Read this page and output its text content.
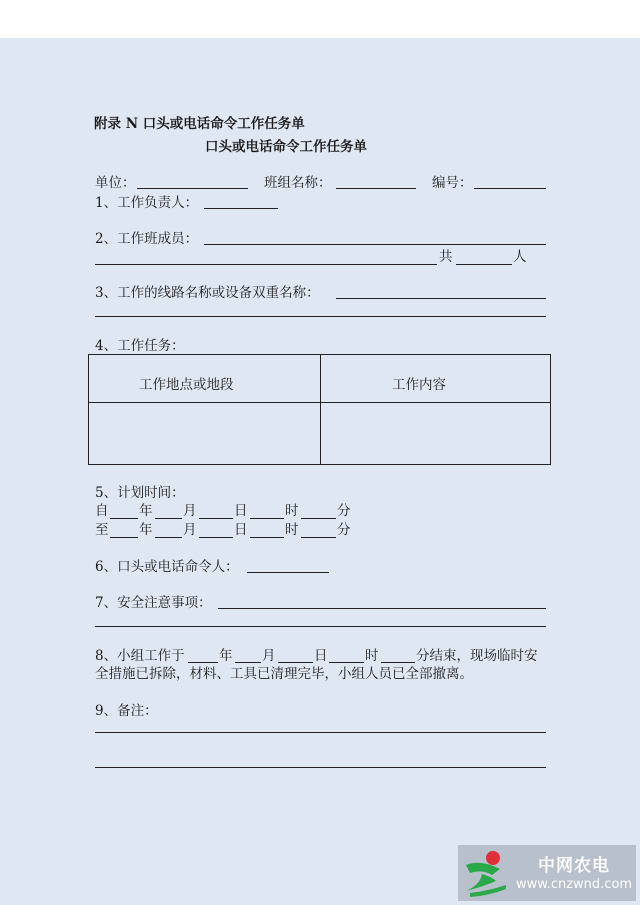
附录 N 口头或电话命令工作任务单
口头或电话命令工作任务单
单位：	班组名称：	编号：
1、工作负责人：
2、工作班成员：
共	人
3、工作的线路名称或设备双重名称：
4、工作任务：
工作地点或地段	工作内容
5、计划时间：
自 年 月	日	时	分
至 年 月	日	时	分
6、口头或电话命令人：
7、安全注意事项：
8、小组工作于	年 月	日	时	分结束，现场临时安
全措施已拆除，材料、工具已清理完毕，小组人员已全部撤离。
9、备注：
中网农电
www.cnzwnd.com
